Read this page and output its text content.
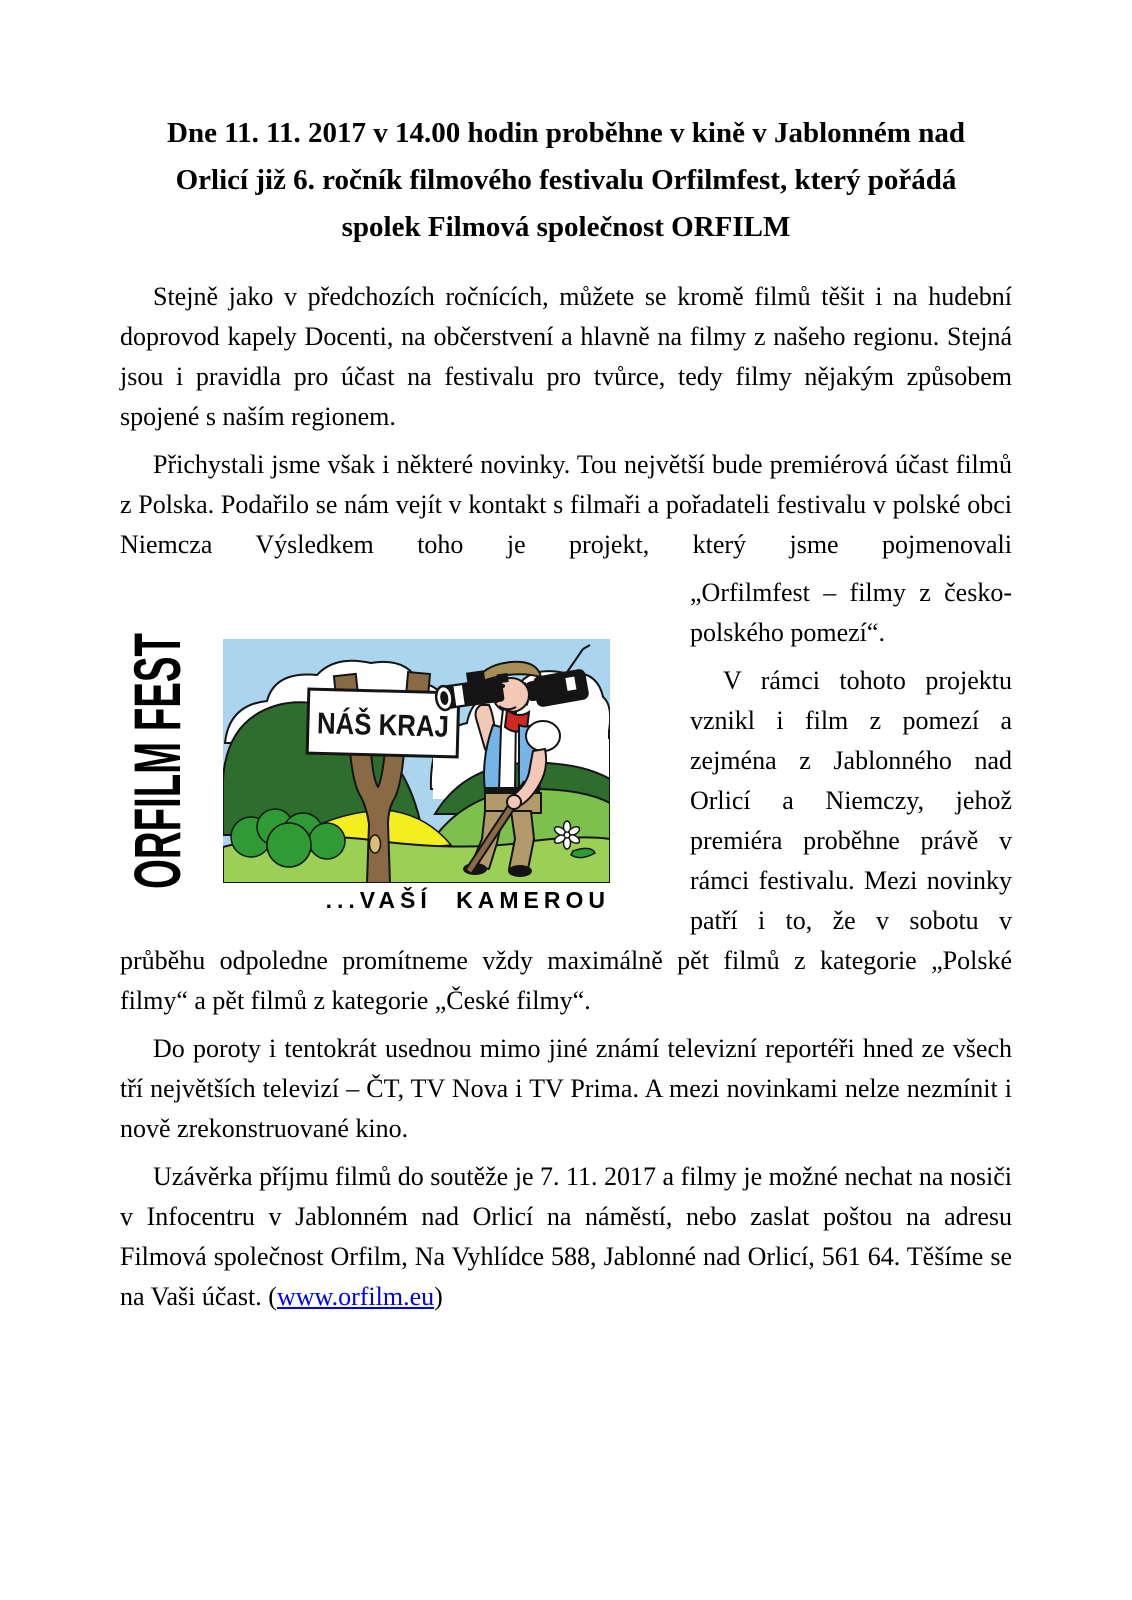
Dne 11. 11. 2017 v 14.00 hodin proběhne v kině v Jablonném nad
Orlicí již 6. ročník filmového festivalu Orfilmfest, který pořádá
spolek Filmová společnost ORFILM

Stejně jako v předchozích ročnících, můžete se kromě filmů těšit i na hudební doprovod kapely Docenti, na občerstvení a hlavně na filmy z našeho regionu. Stejná jsou i pravidla pro účast na festivalu pro tvůrce, tedy filmy nějakým způsobem spojené s naším regionem.

Přichystali jsme však i některé novinky. Tou největší bude premiérová účast filmů z Polska. Podařilo se nám vejít v kontakt s filmaři a pořadateli festivalu v polské obci Niemcza Výsledkem toho je projekt, který jsme pojmenovali

ORFILM FEST	NÁŠ KRAJ
...VAŠÍ KAMEROU

„Orfilmfest – filmy z česko-polského pomezí“.

V rámci tohoto projektu vznikl i film z pomezí a zejména z Jablonného nad Orlicí a Niemczy, jehož premiéra proběhne právě v rámci festivalu. Mezi novinky patří i to, že v sobotu v průběhu odpoledne promítneme vždy maximálně pět filmů z kategorie „Polské filmy“ a pět filmů z kategorie „České filmy“.

Do poroty i tentokrát usednou mimo jiné známí televizní reportéři hned ze všech tří největších televizí – ČT, TV Nova i TV Prima. A mezi novinkami nelze nezmínit i nově zrekonstruované kino.

Uzávěrka příjmu filmů do soutěže je 7. 11. 2017 a filmy je možné nechat na nosiči v Infocentru v Jablonném nad Orlicí na náměstí, nebo zaslat poštou na adresu Filmová společnost Orfilm, Na Vyhlídce 588, Jablonné nad Orlicí, 561 64. Těšíme se na Vaši účast. (www.orfilm.eu)
